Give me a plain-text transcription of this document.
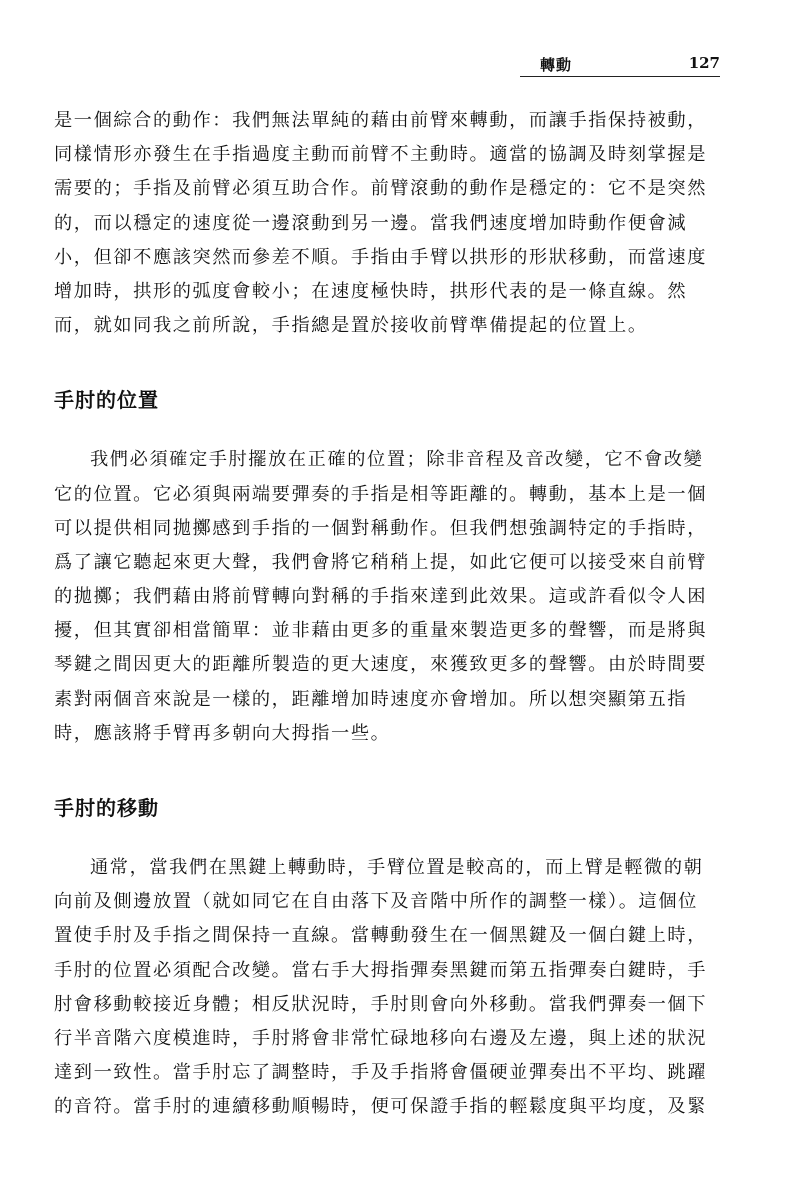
轉動	127

是一個綜合的動作：我們無法單純的藉由前臂來轉動，而讓手指保持被動，
同樣情形亦發生在手指過度主動而前臂不主動時。適當的協調及時刻掌握是
需要的；手指及前臂必須互助合作。前臂滾動的動作是穩定的：它不是突然
的，而以穩定的速度從一邊滾動到另一邊。當我們速度增加時動作便會減
小，但卻不應該突然而參差不順。手指由手臂以拱形的形狀移動，而當速度
增加時，拱形的弧度會較小；在速度極快時，拱形代表的是一條直線。然
而，就如同我之前所說，手指總是置於接收前臂準備提起的位置上。

手肘的位置

我們必須確定手肘擺放在正確的位置；除非音程及音改變，它不會改變
它的位置。它必須與兩端要彈奏的手指是相等距離的。轉動，基本上是一個
可以提供相同拋擲感到手指的一個對稱動作。但我們想強調特定的手指時，
爲了讓它聽起來更大聲，我們會將它稍稍上提，如此它便可以接受來自前臂
的拋擲；我們藉由將前臂轉向對稱的手指來達到此效果。這或許看似令人困
擾，但其實卻相當簡單：並非藉由更多的重量來製造更多的聲響，而是將與
琴鍵之間因更大的距離所製造的更大速度，來獲致更多的聲響。由於時間要
素對兩個音來說是一樣的，距離增加時速度亦會增加。所以想突顯第五指
時，應該將手臂再多朝向大拇指一些。

手肘的移動

通常，當我們在黑鍵上轉動時，手臂位置是較高的，而上臂是輕微的朝
向前及側邊放置（就如同它在自由落下及音階中所作的調整一樣）。這個位
置使手肘及手指之間保持一直線。當轉動發生在一個黑鍵及一個白鍵上時，
手肘的位置必須配合改變。當右手大拇指彈奏黑鍵而第五指彈奏白鍵時，手
肘會移動較接近身體；相反狀況時，手肘則會向外移動。當我們彈奏一個下
行半音階六度模進時，手肘將會非常忙碌地移向右邊及左邊，與上述的狀況
達到一致性。當手肘忘了調整時，手及手指將會僵硬並彈奏出不平均、跳躍
的音符。當手肘的連續移動順暢時，便可保證手指的輕鬆度與平均度，及緊
